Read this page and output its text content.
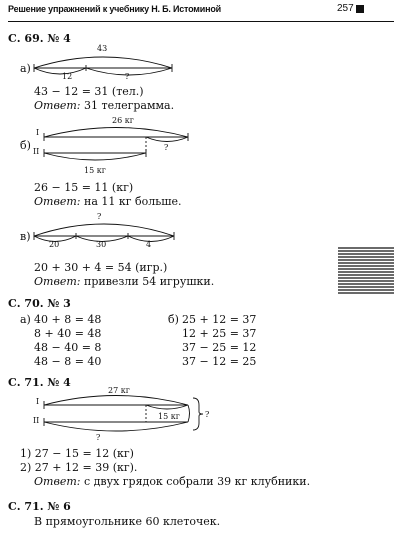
Решение упражнений к учебнику Н. Б. Истоминой	257
С. 69. № 4
а)
43
12	?
43 − 12 = 31 (тел.)
Ответ: 31 телеграмма.
26 кг
I
б) II	?
15 кг
26 − 15 = 11 (кг)
Ответ: на 11 кг больше.
?
в)
20	30	4
20 + 30 + 4 = 54 (игр.)
Ответ: привезли 54 игрушки.
С. 70. № 3
а) 40 + 8 = 48
8 + 40 = 48
48 − 40 = 8
48 − 8 = 40
б) 25 + 12 = 37
12 + 25 = 37
37 − 25 = 12
37 − 12 = 25
С. 71. № 4
27 кг
I
II	15 кг	?
?
1) 27 − 15 = 12 (кг)
2) 27 + 12 = 39 (кг).
Ответ: с двух грядок собрали 39 кг клубники.
С. 71. № 6
В прямоугольнике 60 клеточек.
